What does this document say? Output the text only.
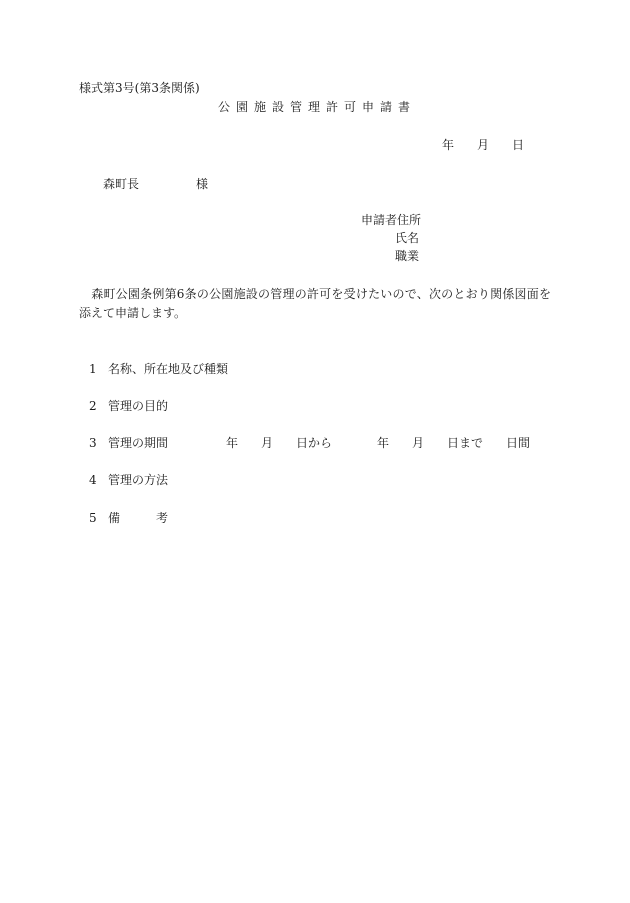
様式第3号(第3条関係)
公園施設管理許可申請書
年 月 日
森町長	様
申請者住所
氏名
職業
森町公園条例第6条の公園施設の管理の許可を受けたいので、次のとおり関係図面を添えて申請します。
1 名称、所在地及び種類
2 管理の目的
3 管理の期間	年 月 日から	年 月 日まで 日間
4 管理の方法
5 備	考
